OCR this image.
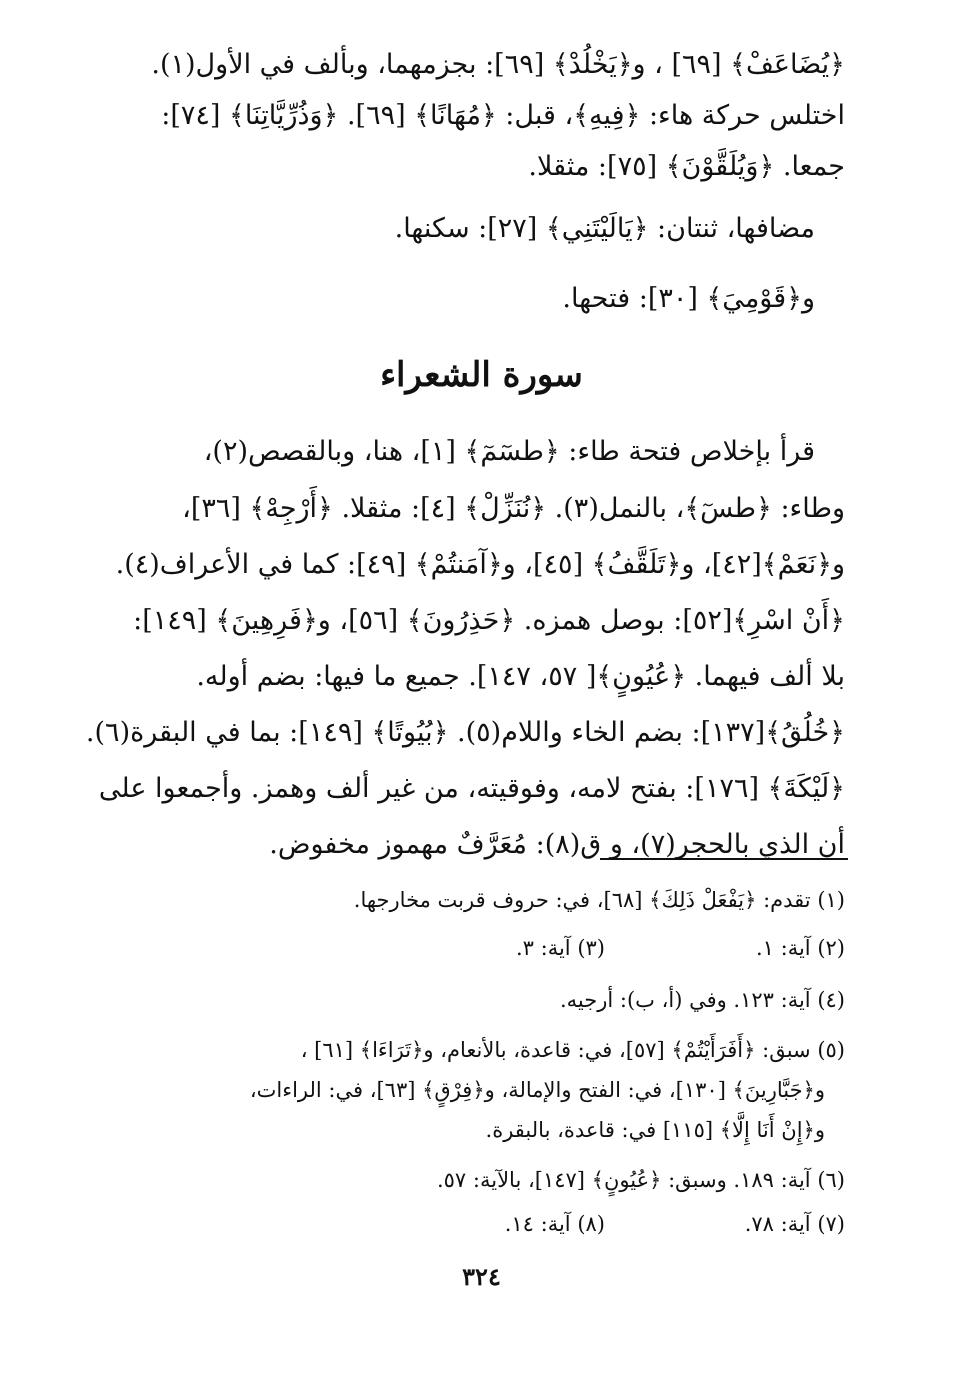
﴿يُضَاعَفْ﴾ [٦٩] ، و﴿يَخْلُدْ﴾ [٦٩]: بجزمهما، وبألف في الأول(١).
اختلس حركة هاء: ﴿فِيهِ﴾، قبل: ﴿مُهَانًا﴾ [٦٩]. ﴿وَذُرِّيَّاتِنَا﴾ [٧٤]:
جمعا. ﴿وَيُلَقَّوْنَ﴾ [٧٥]: مثقلا.
مضافها، ثنتان: ﴿يَالَيْتَنِي﴾ [٢٧]: سكنها.
و﴿قَوْمِيَ﴾ [٣٠]: فتحها.
سورة الشعراء
قرأ بإخلاص فتحة طاء: ﴿طسٓمٓ﴾ [١]، هنا، وبالقصص(٢)،
وطاء: ﴿طسٓ﴾، بالنمل(٣). ﴿نُنَزِّلْ﴾ [٤]: مثقلا. ﴿أَرْجِهْ﴾ [٣٦]،
و﴿نَعَمْ﴾[٤٢]، و﴿تَلَقَّفُ﴾ [٤٥]، و﴿آمَنتُمْ﴾ [٤٩]: كما في الأعراف(٤).
﴿أَنْ اسْرِ﴾[٥٢]: بوصل همزه. ﴿حَذِرُونَ﴾ [٥٦]، و﴿فَرِهِينَ﴾ [١٤٩]:
بلا ألف فيهما. ﴿عُيُونٍ﴾[ ٥٧، ١٤٧]. جميع ما فيها: بضم أوله.
﴿خُلُقُ﴾[١٣٧]: بضم الخاء واللام(٥). ﴿بُيُوتًا﴾ [١٤٩]: بما في البقرة(٦).
﴿لَيْكَةَ﴾ [١٧٦]: بفتح لامه، وفوقيته، من غير ألف وهمز. وأجمعوا على
أن الذي بالحجر(٧)، و ق(٨): مُعَرَّفٌ مهموز مخفوض.
(١) تقدم: ﴿يَفْعَلْ ذَلِكَ﴾ [٦٨]، في: حروف قربت مخارجها.
(٢) آية: ١.
(٣) آية: ٣.
(٤) آية: ١٢٣. وفي (أ، ب): أرجيه.
(٥) سبق: ﴿أَفَرَأَيْتُمْ﴾ [٥٧]، في: قاعدة، بالأنعام، و﴿تَرَاءَا﴾ [٦١] ،
و﴿جَبَّارِينَ﴾ [١٣٠]، في: الفتح والإمالة، و﴿فِرْقٍ﴾ [٦٣]، في: الراءات،
و﴿إِنْ أَنَا إِلَّا﴾ [١١٥] في: قاعدة، بالبقرة.
(٦) آية: ١٨٩. وسبق: ﴿عُيُونٍ﴾ [١٤٧]، بالآية: ٥٧.
(٧) آية: ٧٨.
(٨) آية: ١٤.
٣٢٤
